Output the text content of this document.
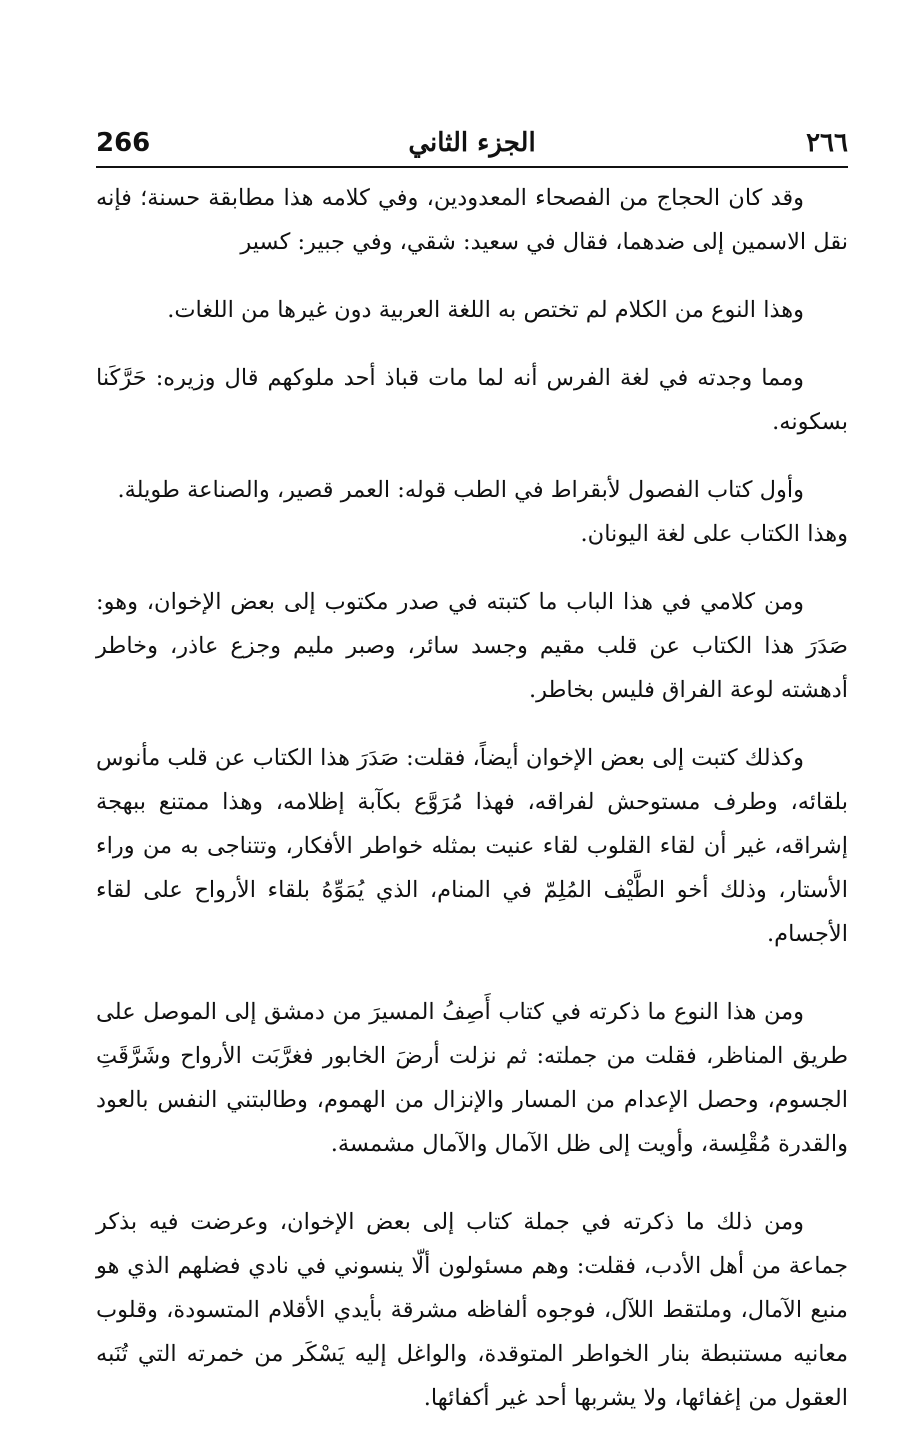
266	الجزء الثاني	٢٦٦

وقد كان الحجاج من الفصحاء المعدودين، وفي كلامه هذا مطابقة حسنة؛ فإنه نقل الاسمين إلى ضدهما، فقال في سعيد: شقي، وفي جبير: كسير

وهذا النوع من الكلام لم تختص به اللغة العربية دون غيرها من اللغات.

ومما وجدته في لغة الفرس أنه لما مات قباذ أحد ملوكهم قال وزيره: حَرَّكَنا بسكونه.

وأول كتاب الفصول لأبقراط في الطب قوله: العمر قصير، والصناعة طويلة.

وهذا الكتاب على لغة اليونان.

ومن كلامي في هذا الباب ما كتبته في صدر مكتوب إلى بعض الإخوان، وهو: صَدَرَ هذا الكتاب عن قلب مقيم وجسد سائر، وصبر مليم وجزع عاذر، وخاطر أدهشته لوعة الفراق فليس بخاطر.

وكذلك كتبت إلى بعض الإخوان أيضاً، فقلت: صَدَرَ هذا الكتاب عن قلب مأنوس بلقائه، وطرف مستوحش لفراقه، فهذا مُرَوَّع بكآبة إظلامه، وهذا ممتنع ببهجة إشراقه، غير أن لقاء القلوب لقاء عنيت بمثله خواطر الأفكار، وتتناجى به من وراء الأستار، وذلك أخو الطَّيْف المُلِمّ في المنام، الذي يُمَوِّهُ بلقاء الأرواح على لقاء الأجسام.

ومن هذا النوع ما ذكرته في كتاب أَصِفُ المسيرَ من دمشق إلى الموصل على طريق المناظر، فقلت من جملته: ثم نزلت أرضَ الخابور فغرَّبَت الأرواح وشَرَّقَتِ الجسوم، وحصل الإعدام من المسار والإنزال من الهموم، وطالبتني النفس بالعود والقدرة مُقْلِسة، وأويت إلى ظل الآمال والآمال مشمسة.

ومن ذلك ما ذكرته في جملة كتاب إلى بعض الإخوان، وعرضت فيه بذكر جماعة من أهل الأدب، فقلت: وهم مسئولون ألّا ينسوني في نادي فضلهم الذي هو منبع الآمال، وملتقط اللآل، فوجوه ألفاظه مشرقة بأيدي الأقلام المتسودة، وقلوب معانيه مستنبطة بنار الخواطر المتوقدة، والواغل إليه يَسْكَر من خمرته التي تُنَبه العقول من إغفائها، ولا يشربها أحد غير أكفائها.
